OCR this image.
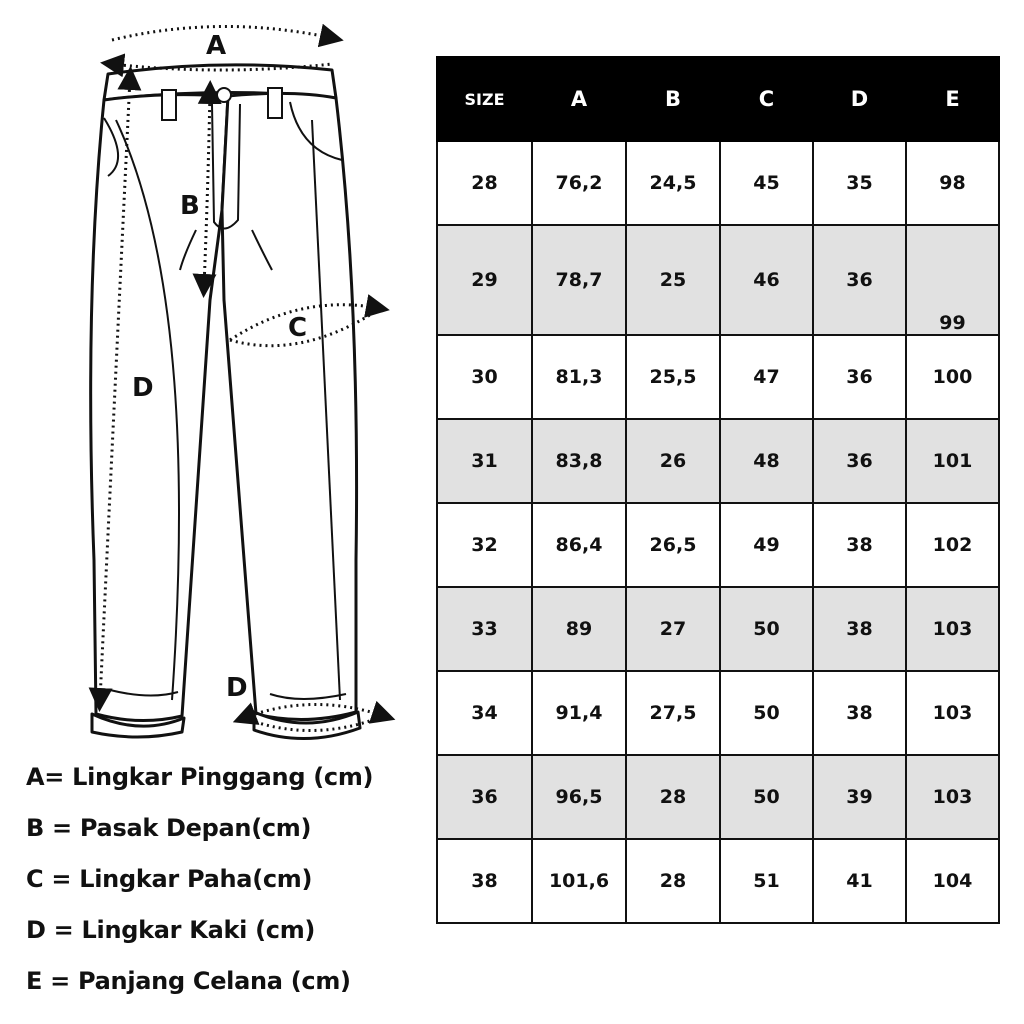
A
B
C
D
D
A= Lingkar Pinggang (cm)
B = Pasak Depan(cm)
C = Lingkar Paha(cm)
D = Lingkar Kaki (cm)
E = Panjang Celana (cm)
SIZE	A	B	C	D	E
28	76,2	24,5	45	35	98
29	78,7	25	46	36	99
30	81,3	25,5	47	36	100
31	83,8	26	48	36	101
32	86,4	26,5	49	38	102
33	89	27	50	38	103
34	91,4	27,5	50	38	103
36	96,5	28	50	39	103
38	101,6	28	51	41	104
